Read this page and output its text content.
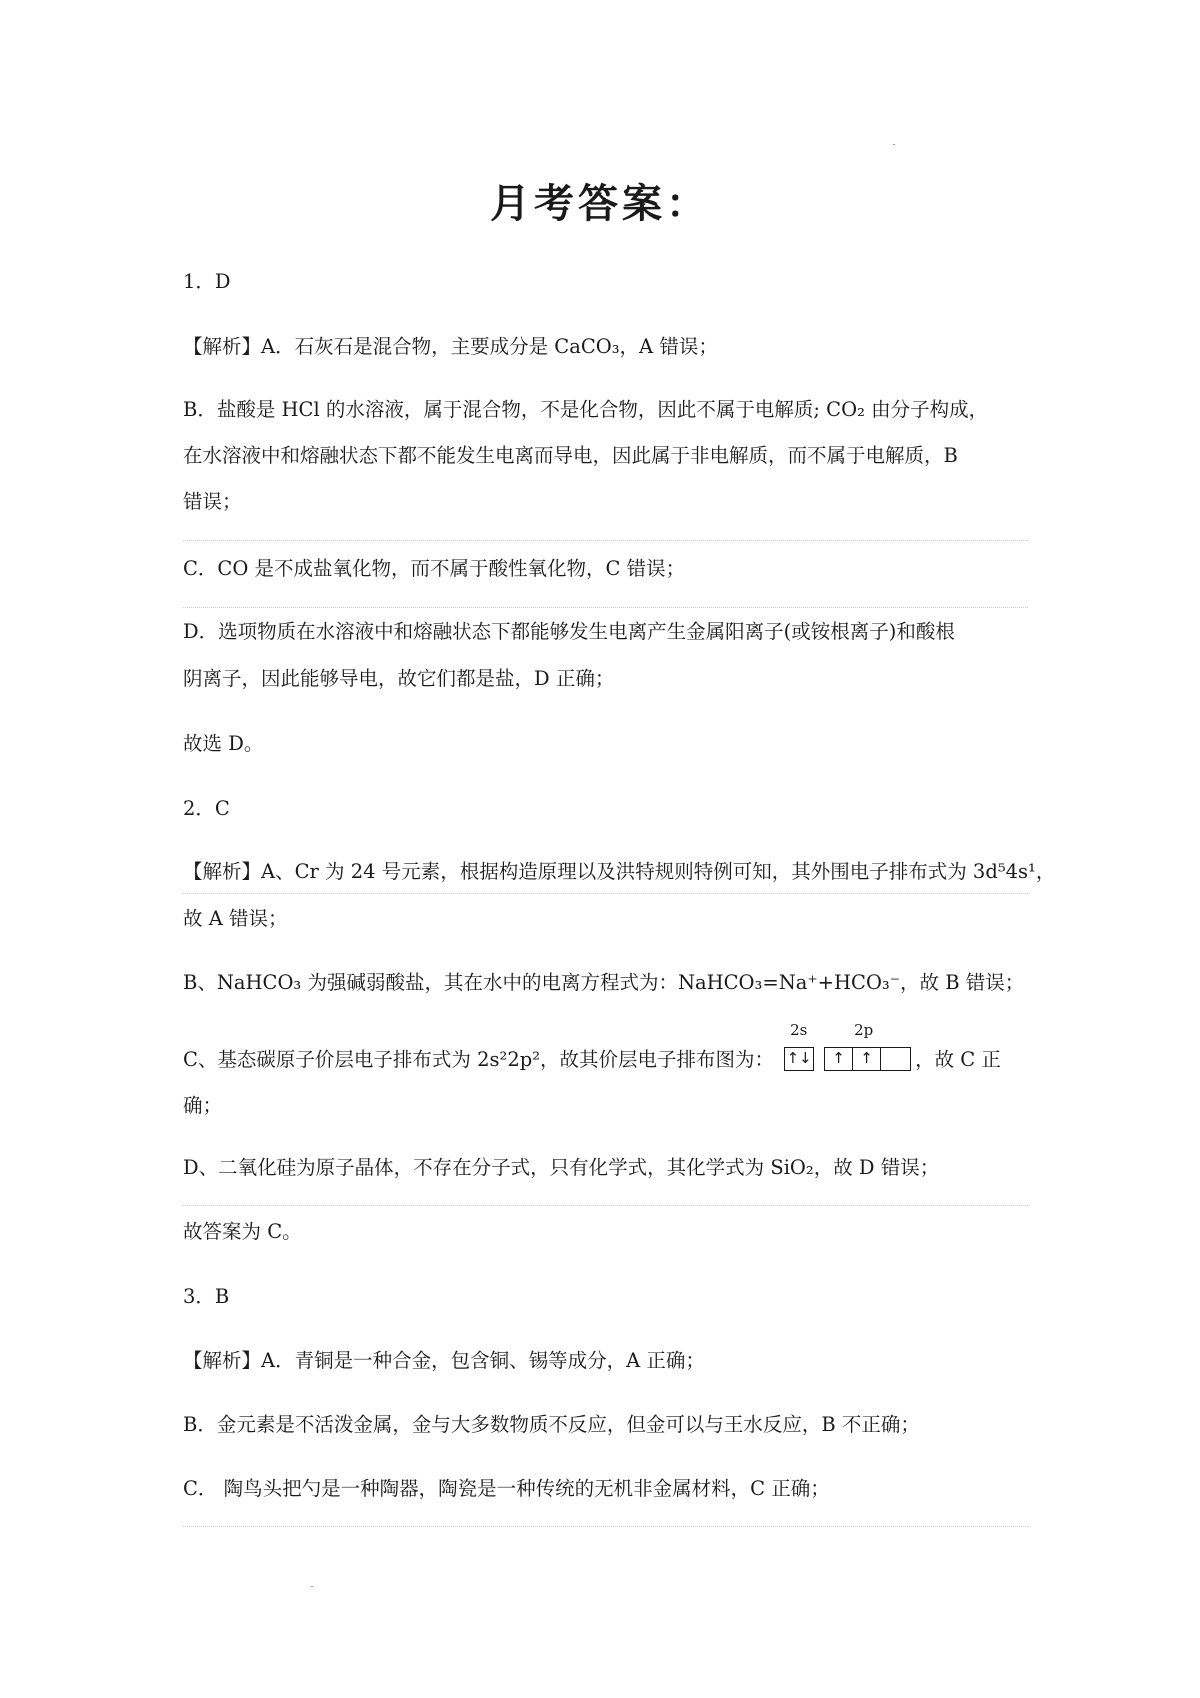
月考答案：
1．D
【解析】A．石灰石是混合物，主要成分是 CaCO₃，A 错误；
B．盐酸是 HCl 的水溶液，属于混合物，不是化合物，因此不属于电解质; CO₂ 由分子构成，
在水溶液中和熔融状态下都不能发生电离而导电，因此属于非电解质，而不属于电解质，B
错误；
C．CO 是不成盐氧化物，而不属于酸性氧化物，C 错误；
D．选项物质在水溶液中和熔融状态下都能够发生电离产生金属阳离子(或铵根离子)和酸根
阴离子，因此能够导电，故它们都是盐，D 正确；
故选 D。
2．C
【解析】A、Cr 为 24 号元素，根据构造原理以及洪特规则特例可知，其外围电子排布式为 3d⁵4s¹，
故 A 错误；
B、NaHCO₃ 为强碱弱酸盐，其在水中的电离方程式为：NaHCO₃=Na⁺+HCO₃⁻，故 B 错误；
C、基态碳原子价层电子排布式为 2s²2p²，故其价层电子排布图为：
2s	2p
↑↓	↑	↑	，故 C 正
确；
D、二氧化硅为原子晶体，不存在分子式，只有化学式，其化学式为 SiO₂，故 D 错误；
故答案为 C。
3．B
【解析】A．青铜是一种合金，包含铜、锡等成分，A 正确；
B．金元素是不活泼金属，金与大多数物质不反应，但金可以与王水反应，B 不正确；
C． 陶鸟头把勺是一种陶器，陶瓷是一种传统的无机非金属材料，C 正确；
